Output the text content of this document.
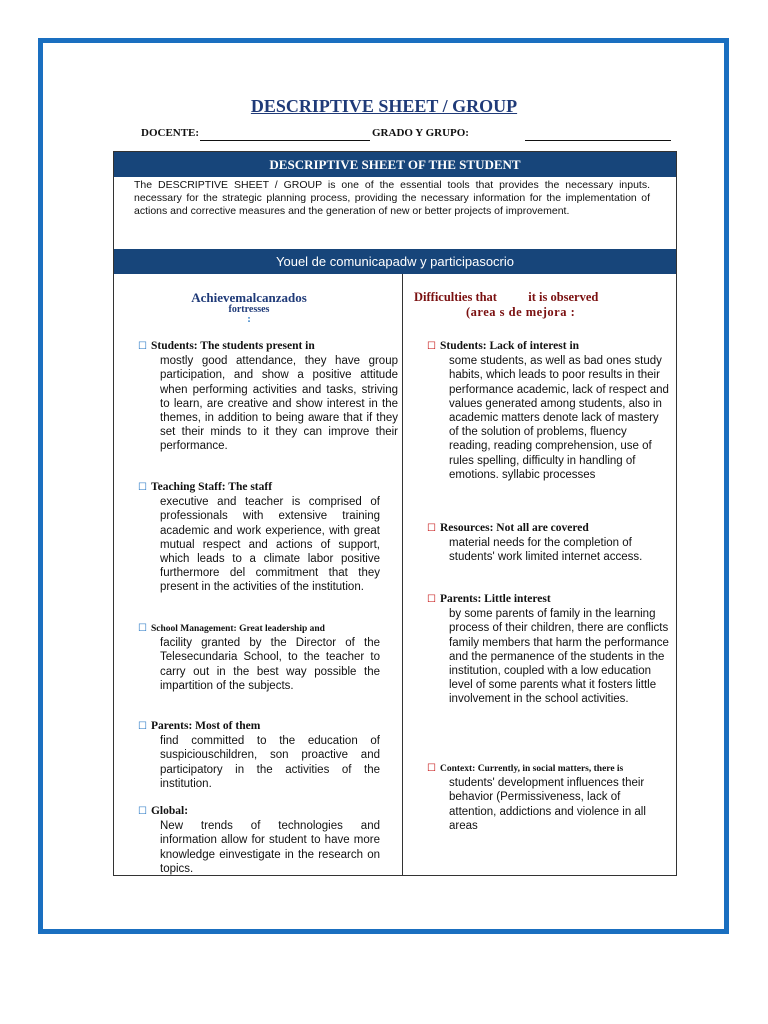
DESCRIPTIVE SHEET / GROUP
DOCENTE:	GRADO Y GRUPO:
DESCRIPTIVE SHEET OF THE STUDENT
The DESCRIPTIVE SHEET / GROUP is one of the essential tools that provides the necessary inputs. necessary for the strategic planning process, providing the necessary information for the implementation of actions and corrective measures and the generation of new or better projects of improvement.
Youel de comunicapadw y participasocrio
Achievemalcanzados
fortresses
:
Difficulties that          it is observed
(area s de mejora :
☐ Students: The students present in
mostly good attendance, they have group participation, and show a positive attitude when performing activities and tasks, striving to learn, are creative and show interest in the themes, in addition to being aware that if they set their minds to it they can improve their performance.
☐ Teaching Staff: The staff
executive and teacher is comprised of professionals with extensive training academic and work experience, with great mutual respect and actions of support, which leads to a climate labor positive furthermore del commitment that they present in the activities of the institution.
☐ School Management: Great leadership and
facility granted by the Director of the Telesecundaria School, to the teacher to carry out in the best way possible the impartition of the subjects.
☐ Parents: Most of them
find committed to the education of suspiciouschildren, son proactive and participatory in the activities of the institution.
☐ Global:
New trends of technologies and information allow for student to have more knowledge einvestigate in the research on topics.
☐ Students: Lack of interest in
some students, as well as bad ones study habits, which leads to poor results in their performance academic, lack of respect and values generated among students, also in academic matters denote lack of mastery of the solution of problems, fluency reading, reading comprehension, use of rules spelling, difficulty in handling of emotions. syllabic processes
☐ Resources: Not all are covered
material needs for the completion of students' work limited internet access.
☐ Parents: Little interest
by some parents of family in the learning process of their children, there are conflicts family members that harm the performance and the permanence of the students in the institution, coupled with a low education level of some parents what it fosters little involvement in the school activities.
☐ Context: Currently, in social matters, there is
students' development influences their behavior (Permissiveness, lack of attention, addictions and violence in all areas
